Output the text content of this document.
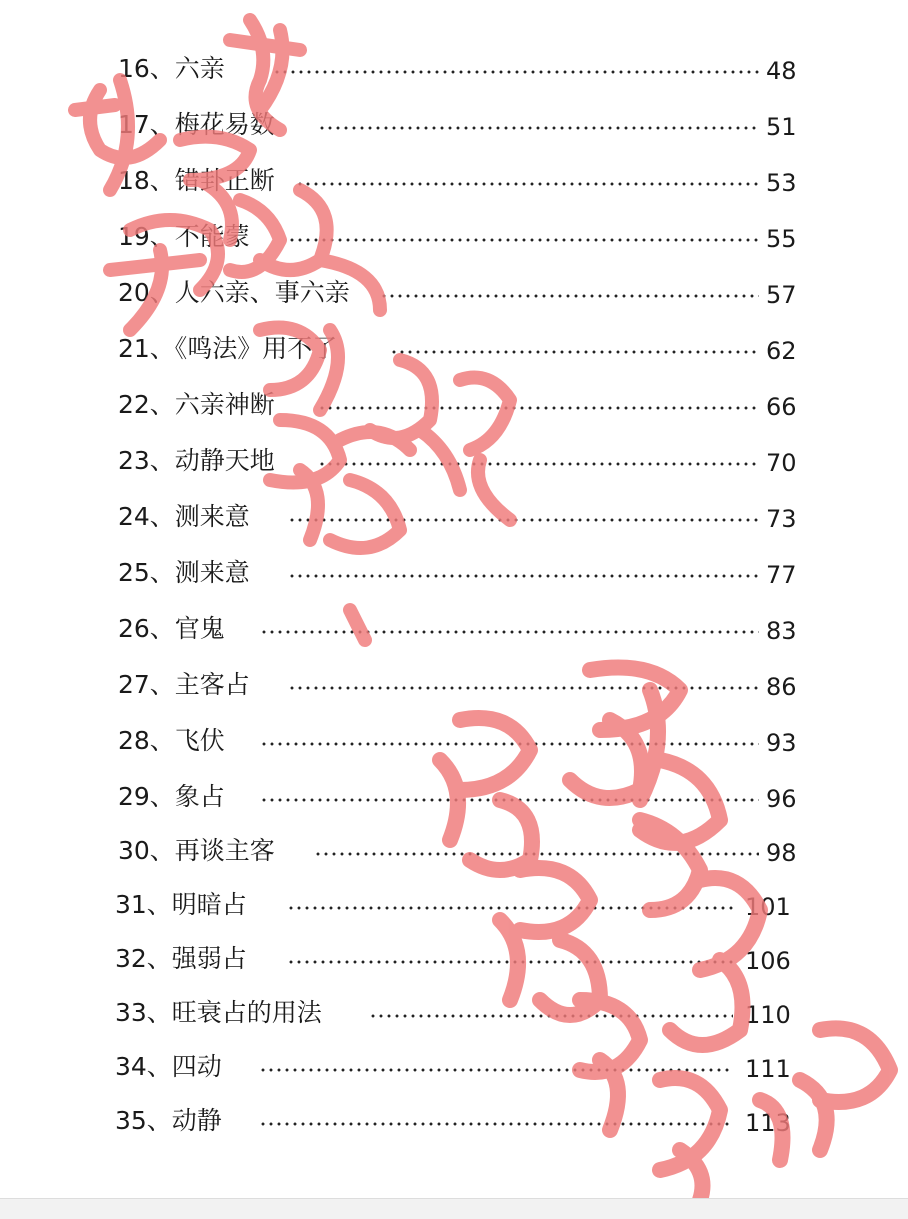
16、六亲	48
17、梅花易数	51
18、错卦正断	53
19、不能蒙	55
20、人六亲、事六亲	57
21、《鸣法》用不了	62
22、六亲神断	66
23、动静天地	70
24、测来意	73
25、测来意	77
26、官鬼	83
27、主客占	86
28、飞伏	93
29、象占	96
30、再谈主客	98
31、明暗占	101
32、强弱占	106
33、旺衰占的用法	110
34、四动	111
35、动静	113
